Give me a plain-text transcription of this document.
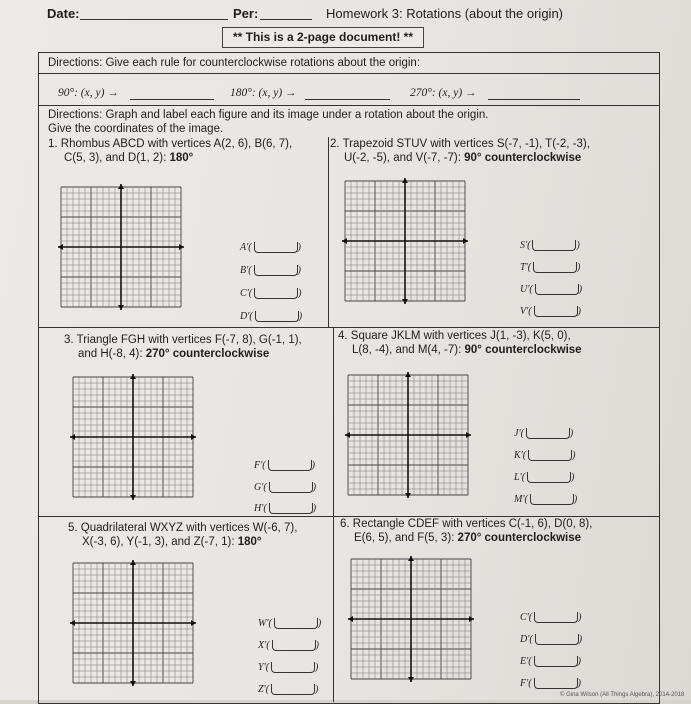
Date:	Per:	Homework 3: Rotations (about the origin)
** This is a 2-page document! **
Directions: Give each rule for counterclockwise rotations about the origin:
90°: (x, y) →	180°: (x, y) →	270°: (x, y) →
Directions: Graph and label each figure and its image under a rotation about the origin.
Give the coordinates of the image.
1. Rhombus ABCD with vertices A(2, 6), B(6, 7),
C(5, 3), and D(1, 2): 180°
2. Trapezoid STUV with vertices S(-7, -1), T(-2, -3),
U(-2, -5), and V(-7, -7): 90° counterclockwise
3. Triangle FGH with vertices F(-7, 8), G(-1, 1),
and H(-8, 4): 270° counterclockwise
4. Square JKLM with vertices J(1, -3), K(5, 0),
L(8, -4), and M(4, -7): 90° counterclockwise
5. Quadrilateral WXYZ with vertices W(-6, 7),
X(-3, 6), Y(-1, 3), and Z(-7, 1): 180°
6. Rectangle CDEF with vertices C(-1, 6), D(0, 8),
E(6, 5), and F(5, 3): 270° counterclockwise
A'(	)
B'(	)
C'(	)
D'(	)
S'(	)
T'(	)
U'(	)
V'(	)
F'(	)
G'(	)
H'(	)
J'(	)
K'(	)
L'(	)
M'(	)
W'(	)
X'(	)
Y'(	)
Z'(	)
C'(	)
D'(	)
E'(	)
F'(	)
© Gina Wilson (All Things Algebra), 2014-2018
